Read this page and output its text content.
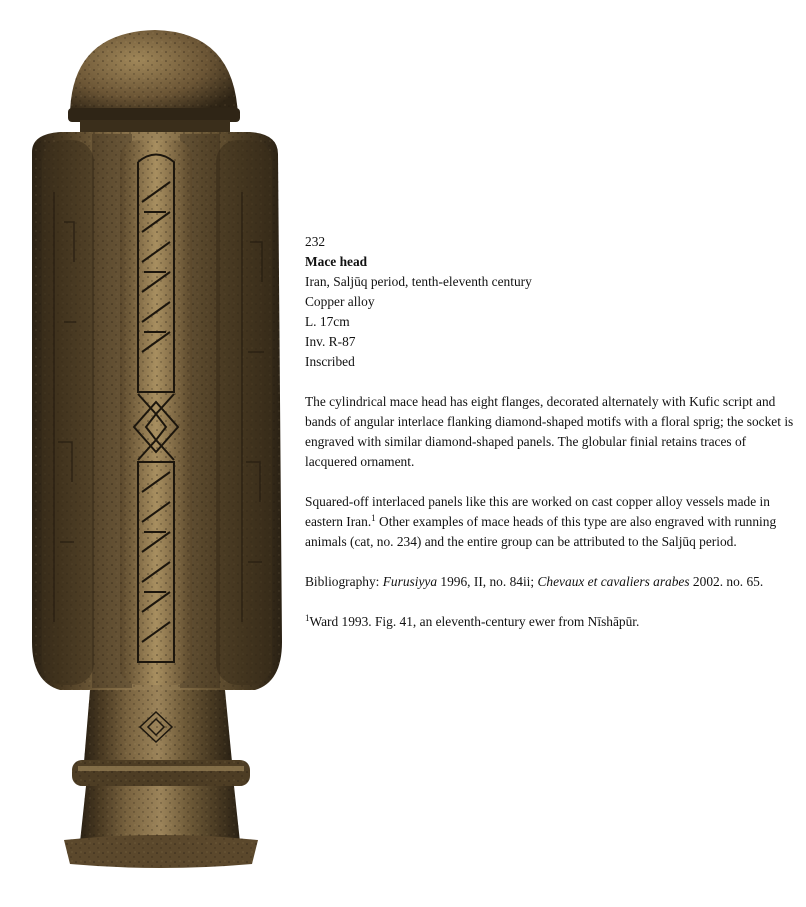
232
Mace head
Iran, Saljūq period, tenth-eleventh century
Copper alloy
L. 17cm
Inv. R-87
Inscribed

The cylindrical mace head has eight flanges, decorated alternately with Kufic script and bands of angular interlace flanking diamond-shaped motifs with a floral sprig; the socket is engraved with similar diamond-shaped panels. The globular finial retains traces of lacquered ornament.

Squared-off interlaced panels like this are worked on cast copper alloy vessels made in eastern Iran.$^1$ Other examples of mace heads of this type are also engraved with running animals (cat, no. 234) and the entire group can be attributed to the Saljūq period.

Bibliography: Furusiyya 1996, II, no. 84ii; Chevaux et cavaliers arabes 2002. no. 65.

$^1$Ward 1993. Fig. 41, an eleventh-century ewer from Nīshāpūr.
